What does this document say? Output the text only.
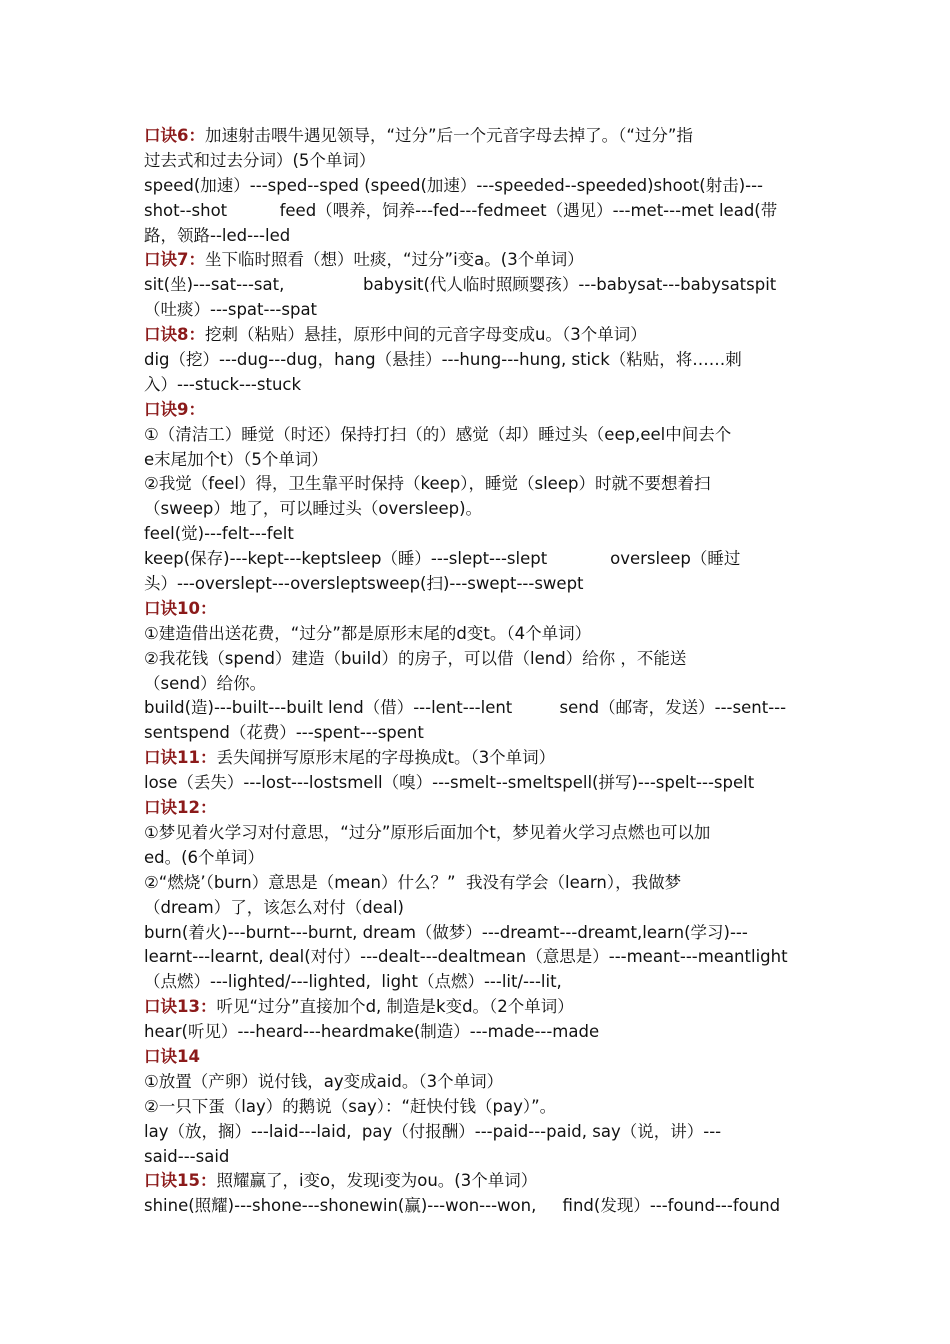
口诀6：加速射击喂牛遇见领导，“过分”后一个元音字母去掉了。（“过分”指
过去式和过去分词）(5个单词）
speed(加速）---sped--sped (speed(加速）---speeded--speeded)shoot(射击)---
shot--shot          feed（喂养，饲养---fed---fedmeet（遇见）---met---met lead(带
路，领路--led---led
口诀7：坐下临时照看（想）吐痰，“过分”i变a。(3个单词）
sit(坐)---sat---sat,               babysit(代人临时照顾婴孩）---babysat---babysatspit
（吐痰）---spat---spat
口诀8：挖刺（粘贴）悬挂，原形中间的元音字母变成u。（3个单词）
dig（挖）---dug---dug，hang（悬挂）---hung---hung, stick（粘贴，将……刺
入）---stuck---stuck
口诀9：
①（清洁工）睡觉（时还）保持打扫（的）感觉（却）睡过头（eep,eel中间去个
e末尾加个t）（5个单词）
②我觉（feel）得，卫生靠平时保持（keep），睡觉（sleep）时就不要想着扫
（sweep）地了，可以睡过头（oversleep)。
feel(觉)---felt---felt
keep(保存)---kept---keptsleep（睡）---slept---slept            oversleep（睡过
头）---overslept---oversleptsweep(扫)---swept---swept
口诀10：
①建造借出送花费，“过分”都是原形末尾的d变t。（4个单词）
②我花钱（spend）建造（build）的房子，可以借（lend）给你 ，不能送
（send）给你。
build(造)---built---built lend（借）---lent---lent         send（邮寄，发送）---sent---
sentspend（花费）---spent---spent
口诀11：丢失闻拼写原形末尾的字母换成t。（3个单词）
lose（丢失）---lost---lostsmell（嗅）---smelt--smeltspell(拼写)---spelt---spelt
口诀12：
①梦见着火学习对付意思，“过分”原形后面加个t，梦见着火学习点燃也可以加
ed。(6个单词）
②“燃烧’（burn）意思是（mean）什么？”  我没有学会（learn），我做梦
（dream）了，该怎么对付（deal)
burn(着火)---burnt---burnt, dream（做梦）---dreamt---dreamt,learn(学习)---
learnt---learnt, deal(对付）---dealt---dealtmean（意思是）---meant---meantlight
（点燃）---lighted/---lighted,  light（点燃）---lit/---lit,
口诀13：听见“过分”直接加个d, 制造是k变d。（2个单词）
hear(听见）---heard---heardmake(制造）---made---made
口诀14
①放置（产卵）说付钱，ay变成aid。（3个单词）
②一只下蛋（lay）的鹅说（say）：“赶快付钱（pay）”。
lay（放，搁）---laid---laid,  pay（付报酬）---paid---paid, say（说，讲）---
said---said
口诀15：照耀赢了，i变o，发现i变为ou。(3个单词）
shine(照耀)---shone---shonewin(赢)---won---won,     find(发现）---found---found
